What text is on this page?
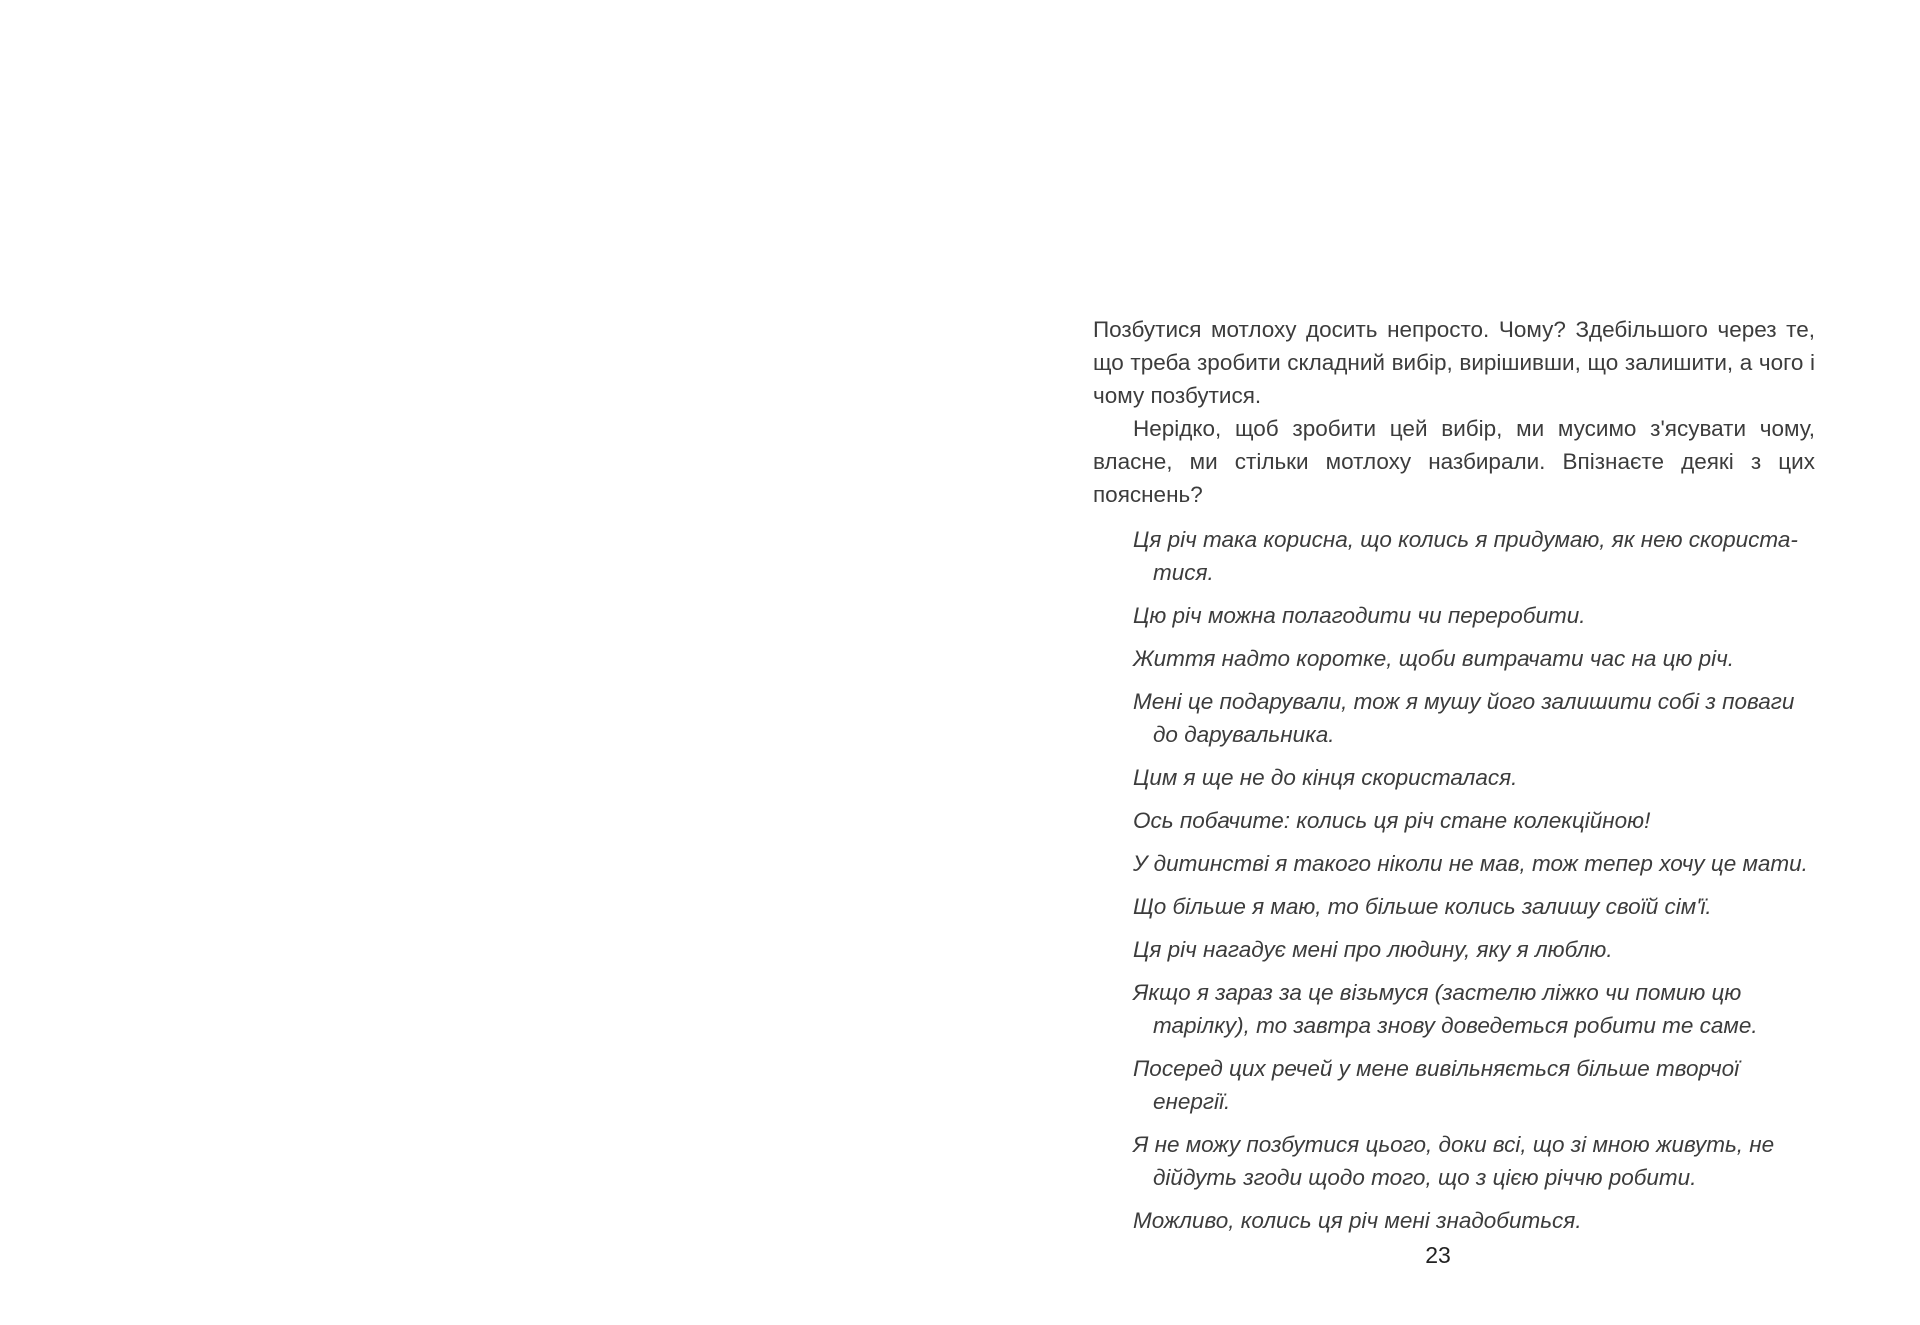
Позбутися мотлоху досить непросто. Чому? Здебільшого через те, що треба зробити складний вибір, вирішивши, що залишити, а чого і чому позбутися.

Нерідко, щоб зробити цей вибір, ми мусимо з'ясувати чому, власне, ми стільки мотлоху назбирали. Впізнаєте деякі з цих пояснень?

Ця річ така корисна, що колись я придумаю, як нею скориста-тися.

Цю річ можна полагодити чи переробити.

Життя надто коротке, щоби витрачати час на цю річ.

Мені це подарували, тож я мушу його залишити собі з поваги до дарувальника.

Цим я ще не до кінця скористалася.

Ось побачите: колись ця річ стане колекційною!

У дитинстві я такого ніколи не мав, тож тепер хочу це мати.

Що більше я маю, то більше колись залишу своїй сім'ї.

Ця річ нагадує мені про людину, яку я люблю.

Якщо я зараз за це візьмуся (застелю ліжко чи помию цю тарілку), то завтра знову доведеться робити те саме.

Посеред цих речей у мене вивільняється більше творчої енергії.

Я не можу позбутися цього, доки всі, що зі мною живуть, не дійдуть згоди щодо того, що з цією річчю робити.

Можливо, колись ця річ мені знадобиться.

23
